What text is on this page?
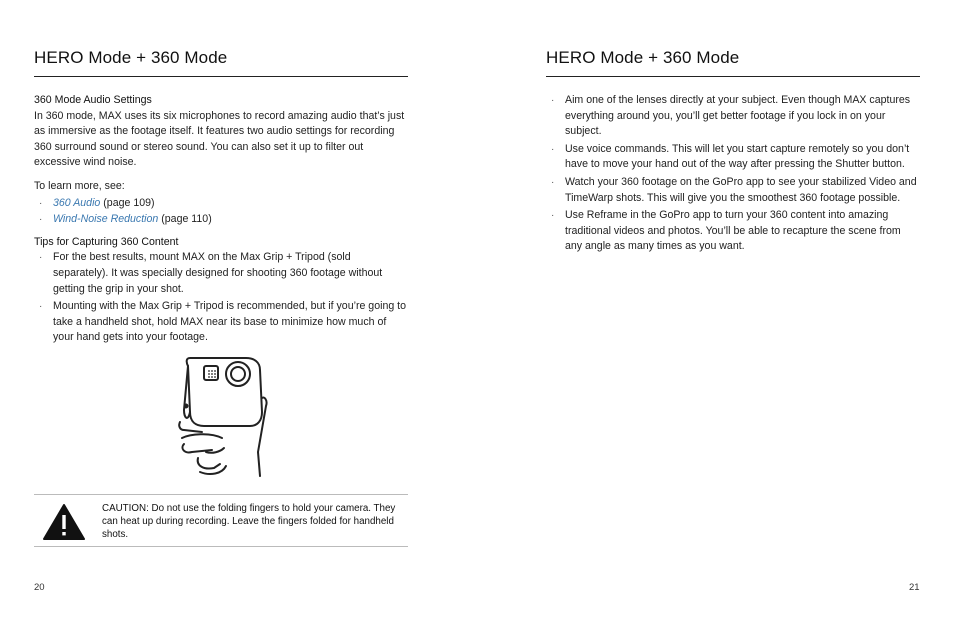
HERO Mode + 360 Mode
360 Mode Audio Settings

In 360 mode, MAX uses its six microphones to record amazing audio that’s just as immersive as the footage itself. It features two audio settings for recording 360 surround sound or stereo sound. You can also set it up to filter out excessive wind noise.

To learn more, see:

· 360 Audio (page 109)
· Wind-Noise Reduction (page 110)
Tips for Capturing 360 Content
· For the best results, mount MAX on the Max Grip + Tripod (sold separately). It was specially designed for shooting 360 footage without getting the grip in your shot.
· Mounting with the Max Grip + Tripod is recommended, but if you’re going to take a handheld shot, hold MAX near its base to minimize how much of your hand gets into your footage.
CAUTION: Do not use the folding fingers to hold your camera. They can heat up during recording. Leave the fingers folded for handheld shots.
20
HERO Mode + 360 Mode
· Aim one of the lenses directly at your subject. Even though MAX captures everything around you, you’ll get better footage if you lock in on your subject.
· Use voice commands. This will let you start capture remotely so you don’t have to move your hand out of the way after pressing the Shutter button.
· Watch your 360 footage on the GoPro app to see your stabilized Video and TimeWarp shots. This will give you the smoothest 360 footage possible.
· Use Reframe in the GoPro app to turn your 360 content into amazing traditional videos and photos. You’ll be able to recapture the scene from any angle as many times as you want.
21
